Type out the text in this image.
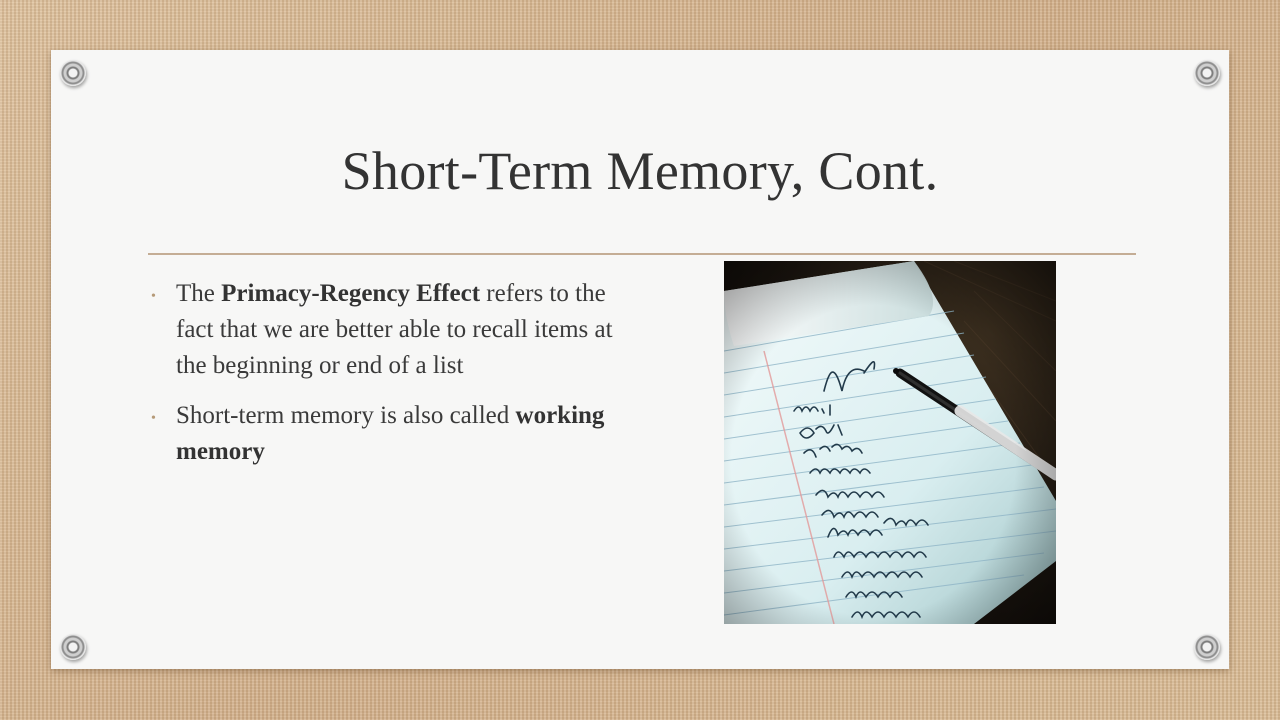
Short-Term Memory, Cont.
• The Primacy-Regency Effect refers to the fact that we are better able to recall items at the beginning or end of a list
• Short-term memory is also called working memory
